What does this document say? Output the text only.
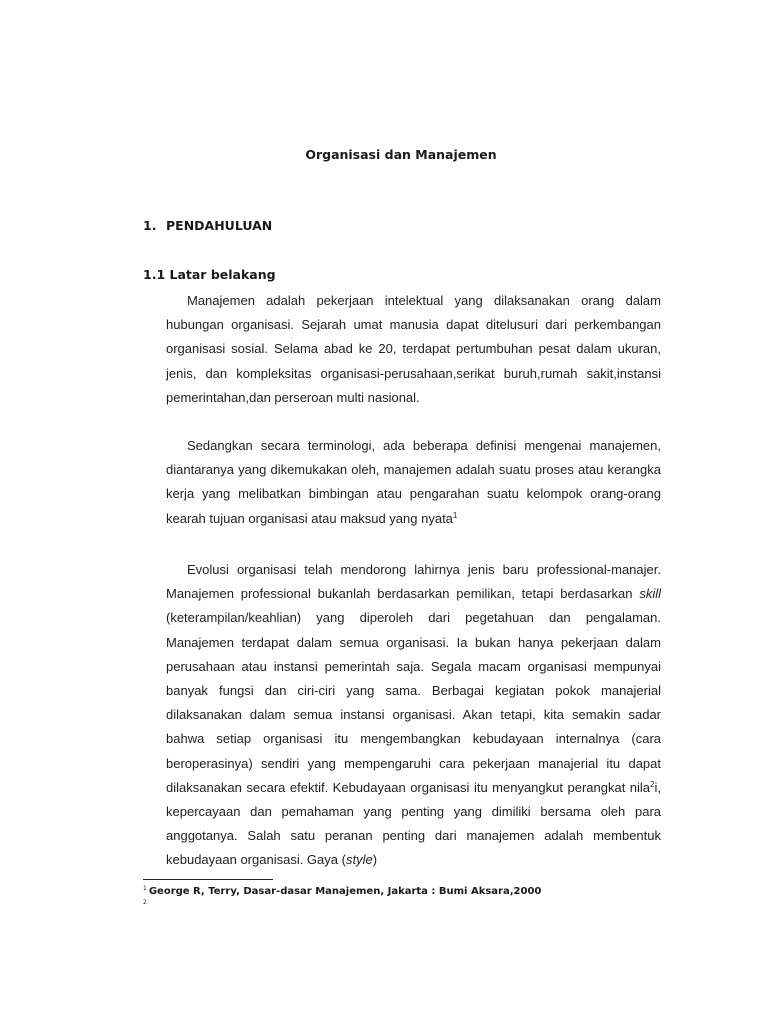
Organisasi dan Manajemen
1. PENDAHULUAN
1.1 Latar belakang

Manajemen adalah pekerjaan intelektual yang dilaksanakan orang dalam hubungan organisasi. Sejarah umat manusia dapat ditelusuri dari perkembangan organisasi sosial. Selama abad ke 20, terdapat pertumbuhan pesat dalam ukuran, jenis, dan kompleksitas organisasi-perusahaan,serikat buruh,rumah sakit,instansi pemerintahan,dan perseroan multi nasional.

Sedangkan secara terminologi, ada beberapa definisi mengenai manajemen, diantaranya yang dikemukakan oleh, manajemen adalah suatu proses atau kerangka kerja yang melibatkan bimbingan atau pengarahan suatu kelompok orang-orang kearah tujuan organisasi atau maksud yang nyata$^1$

Evolusi organisasi telah mendorong lahirnya jenis baru professional-manajer. Manajemen professional bukanlah berdasarkan pemilikan, tetapi berdasarkan skill (keterampilan/keahlian) yang diperoleh dari pegetahuan dan pengalaman. Manajemen terdapat dalam semua organisasi. Ia bukan hanya pekerjaan dalam perusahaan atau instansi pemerintah saja. Segala macam organisasi mempunyai banyak fungsi dan ciri-ciri yang sama. Berbagai kegiatan pokok manajerial dilaksanakan dalam semua instansi organisasi. Akan tetapi, kita semakin sadar bahwa setiap organisasi itu mengembangkan kebudayaan internalnya (cara beroperasinya) sendiri yang mempengaruhi cara pekerjaan manajerial itu dapat dilaksanakan secara efektif. Kebudayaan organisasi itu menyangkut perangkat nila$^2$i, kepercayaan dan pemahaman yang penting yang dimiliki bersama oleh para anggotanya. Salah satu peranan penting dari manajemen adalah membentuk kebudayaan organisasi. Gaya (style)

$^1$ George R, Terry, Dasar-dasar Manajemen, Jakarta : Bumi Aksara,2000
$^2$
